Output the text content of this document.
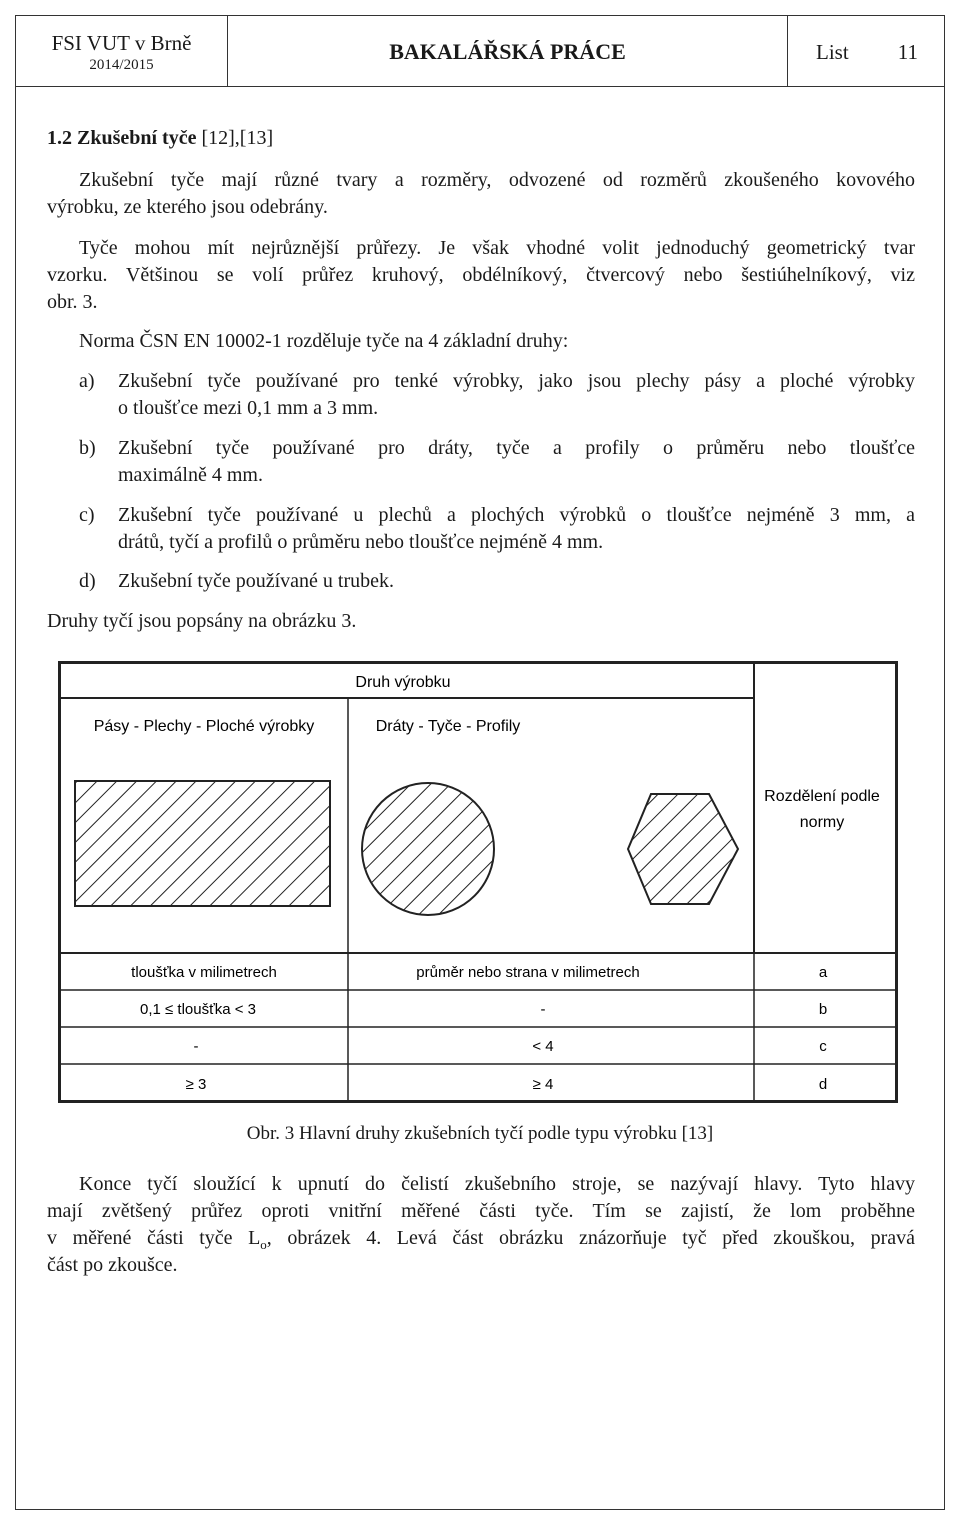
FSI VUT v Brně
2014/2015
BAKALÁŘSKÁ PRÁCE	List 11
1.2 Zkušební tyče [12],[13]
Zkušební tyče mají různé tvary a rozměry, odvozené od rozměrů zkoušeného kovového
výrobku, ze kterého jsou odebrány.
Tyče mohou mít nejrůznější průřezy. Je však vhodné volit jednoduchý geometrický tvar
vzorku. Většinou se volí průřez kruhový, obdélníkový, čtvercový nebo šestiúhelníkový, viz
obr. 3.
Norma ČSN EN 10002-1 rozděluje tyče na 4 základní druhy:
a) Zkušební tyče používané pro tenké výrobky, jako jsou plechy pásy a ploché výrobky
o tloušťce mezi 0,1 mm a 3 mm.
b) Zkušební tyče používané pro dráty, tyče a profily o průměru nebo tloušťce
maximálně 4 mm.
c) Zkušební tyče používané u plechů a plochých výrobků o tloušťce nejméně 3 mm, a
drátů, tyčí a profilů o průměru nebo tloušťce nejméně 4 mm.
d) Zkušební tyče používané u trubek.
Druhy tyčí jsou popsány na obrázku 3.
Druh výrobku
Pásy - Plechy - Ploché výrobky	Dráty - Tyče - Profily
Rozdělení podle
normy
tloušťka v milimetrech	průměr nebo strana v milimetrech	a
0,1 ≤ tloušťka < 3	-	b
-	< 4	c
≥ 3	≥ 4	d
Obr. 3 Hlavní druhy zkušebních tyčí podle typu výrobku [13]
Konce tyčí sloužící k upnutí do čelistí zkušebního stroje, se nazývají hlavy. Tyto hlavy
mají zvětšený průřez oproti vnitřní měřené části tyče. Tím se zajistí, že lom proběhne
v měřené části tyče $L_o$, obrázek 4. Levá část obrázku znázorňuje tyč před zkouškou, pravá
část po zkoušce.
